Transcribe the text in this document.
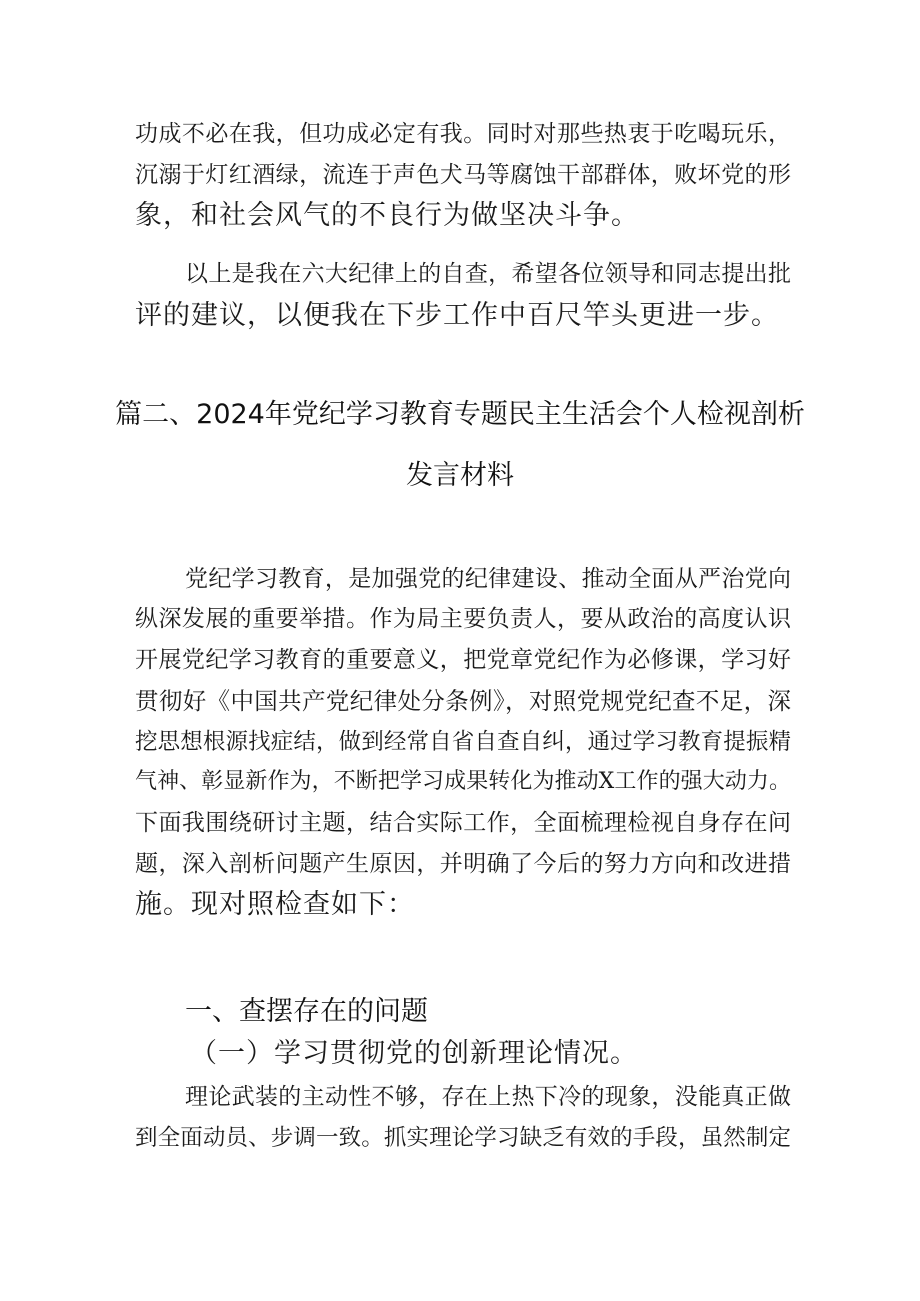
功成不必在我，但功成必定有我。同时对那些热衷于吃喝玩乐，
沉溺于灯红酒绿，流连于声色犬马等腐蚀干部群体，败坏党的形
象，和社会风气的不良行为做坚决斗争。
以上是我在六大纪律上的自查，希望各位领导和同志提出批
评的建议，以便我在下步工作中百尺竿头更进一步。
篇二、2024年党纪学习教育专题民主生活会个人检视剖析
发言材料
党纪学习教育，是加强党的纪律建设、推动全面从严治党向
纵深发展的重要举措。作为局主要负责人，要从政治的高度认识
开展党纪学习教育的重要意义，把党章党纪作为必修课，学习好
贯彻好《中国共产党纪律处分条例》，对照党规党纪查不足，深
挖思想根源找症结，做到经常自省自查自纠，通过学习教育提振精
气神、彰显新作为，不断把学习成果转化为推动X工作的强大动力。
下面我围绕研讨主题，结合实际工作，全面梳理检视自身存在问
题，深入剖析问题产生原因，并明确了今后的努力方向和改进措
施。现对照检查如下：
一、查摆存在的问题
（一）学习贯彻党的创新理论情况。
理论武装的主动性不够，存在上热下冷的现象，没能真正做
到全面动员、步调一致。抓实理论学习缺乏有效的手段，虽然制定
